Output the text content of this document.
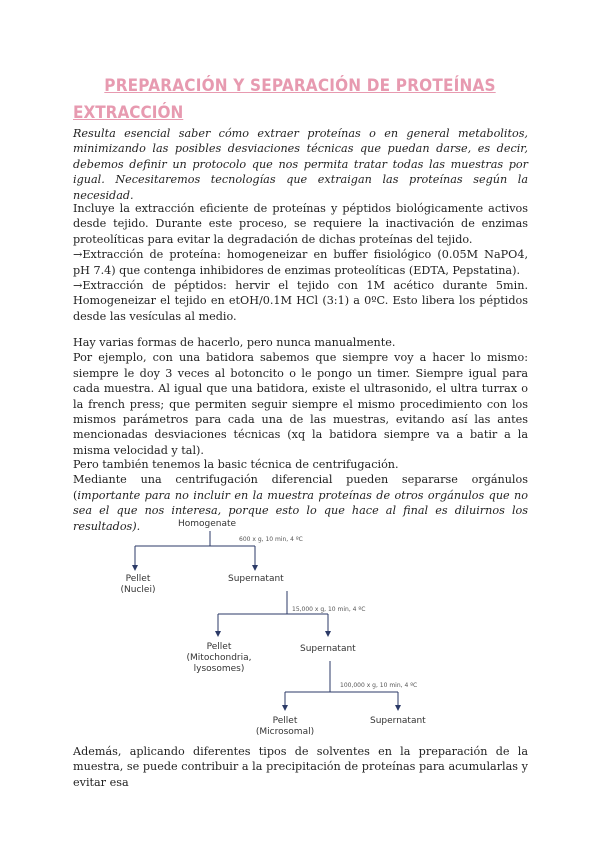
PREPARACIÓN Y SEPARACIÓN DE PROTEÍNAS
EXTRACCIÓN

Resulta esencial saber cómo extraer proteínas o en general metabolitos, minimizando las posibles desviaciones técnicas que puedan darse, es decir, debemos definir un protocolo que nos permita tratar todas las muestras por igual. Necesitaremos tecnologías que extraigan las proteínas según la necesidad.

Incluye la extracción eficiente de proteínas y péptidos biológicamente activos desde tejido. Durante este proceso, se requiere la inactivación de enzimas proteolíticas para evitar la degradación de dichas proteínas del tejido.

→Extracción de proteína: homogeneizar en buffer fisiológico (0.05M NaPO4, pH 7.4) que contenga inhibidores de enzimas proteolíticas (EDTA, Pepstatina).

→Extracción de péptidos: hervir el tejido con 1M acético durante 5min. Homogeneizar el tejido en etOH/0.1M HCl (3:1) a 0ºC. Esto libera los péptidos desde las vesículas al medio.

Hay varias formas de hacerlo, pero nunca manualmente.

Por ejemplo, con una batidora sabemos que siempre voy a hacer lo mismo: siempre le doy 3 veces al botoncito o le pongo un timer. Siempre igual para cada muestra. Al igual que una batidora, existe el ultrasonido, el ultra turrax o la french press; que permiten seguir siempre el mismo procedimiento con los mismos parámetros para cada una de las muestras, evitando así las antes mencionadas desviaciones técnicas (xq la batidora siempre va a batir a la misma velocidad y tal).

Pero también tenemos la basic técnica de centrifugación.

Mediante una centrifugación diferencial pueden separarse orgánulos (importante para no incluir en la muestra proteínas de otros orgánulos que no sea el que nos interesa, porque esto lo que hace al final es diluirnos los resultados).	Homogenate
600 x g, 10 min, 4 ºC
Pellet
(Nuclei)
Supernatant
15,000 x g, 10 min, 4 ºC
Pellet
(Mitochondria,
lysosomes)
Supernatant
100,000 x g, 10 min, 4 ºC
Pellet
(Microsomal)
Supernatant

Además, aplicando diferentes tipos de solventes en la preparación de la muestra, se puede contribuir a la precipitación de proteínas para acumularlas y evitar esa
